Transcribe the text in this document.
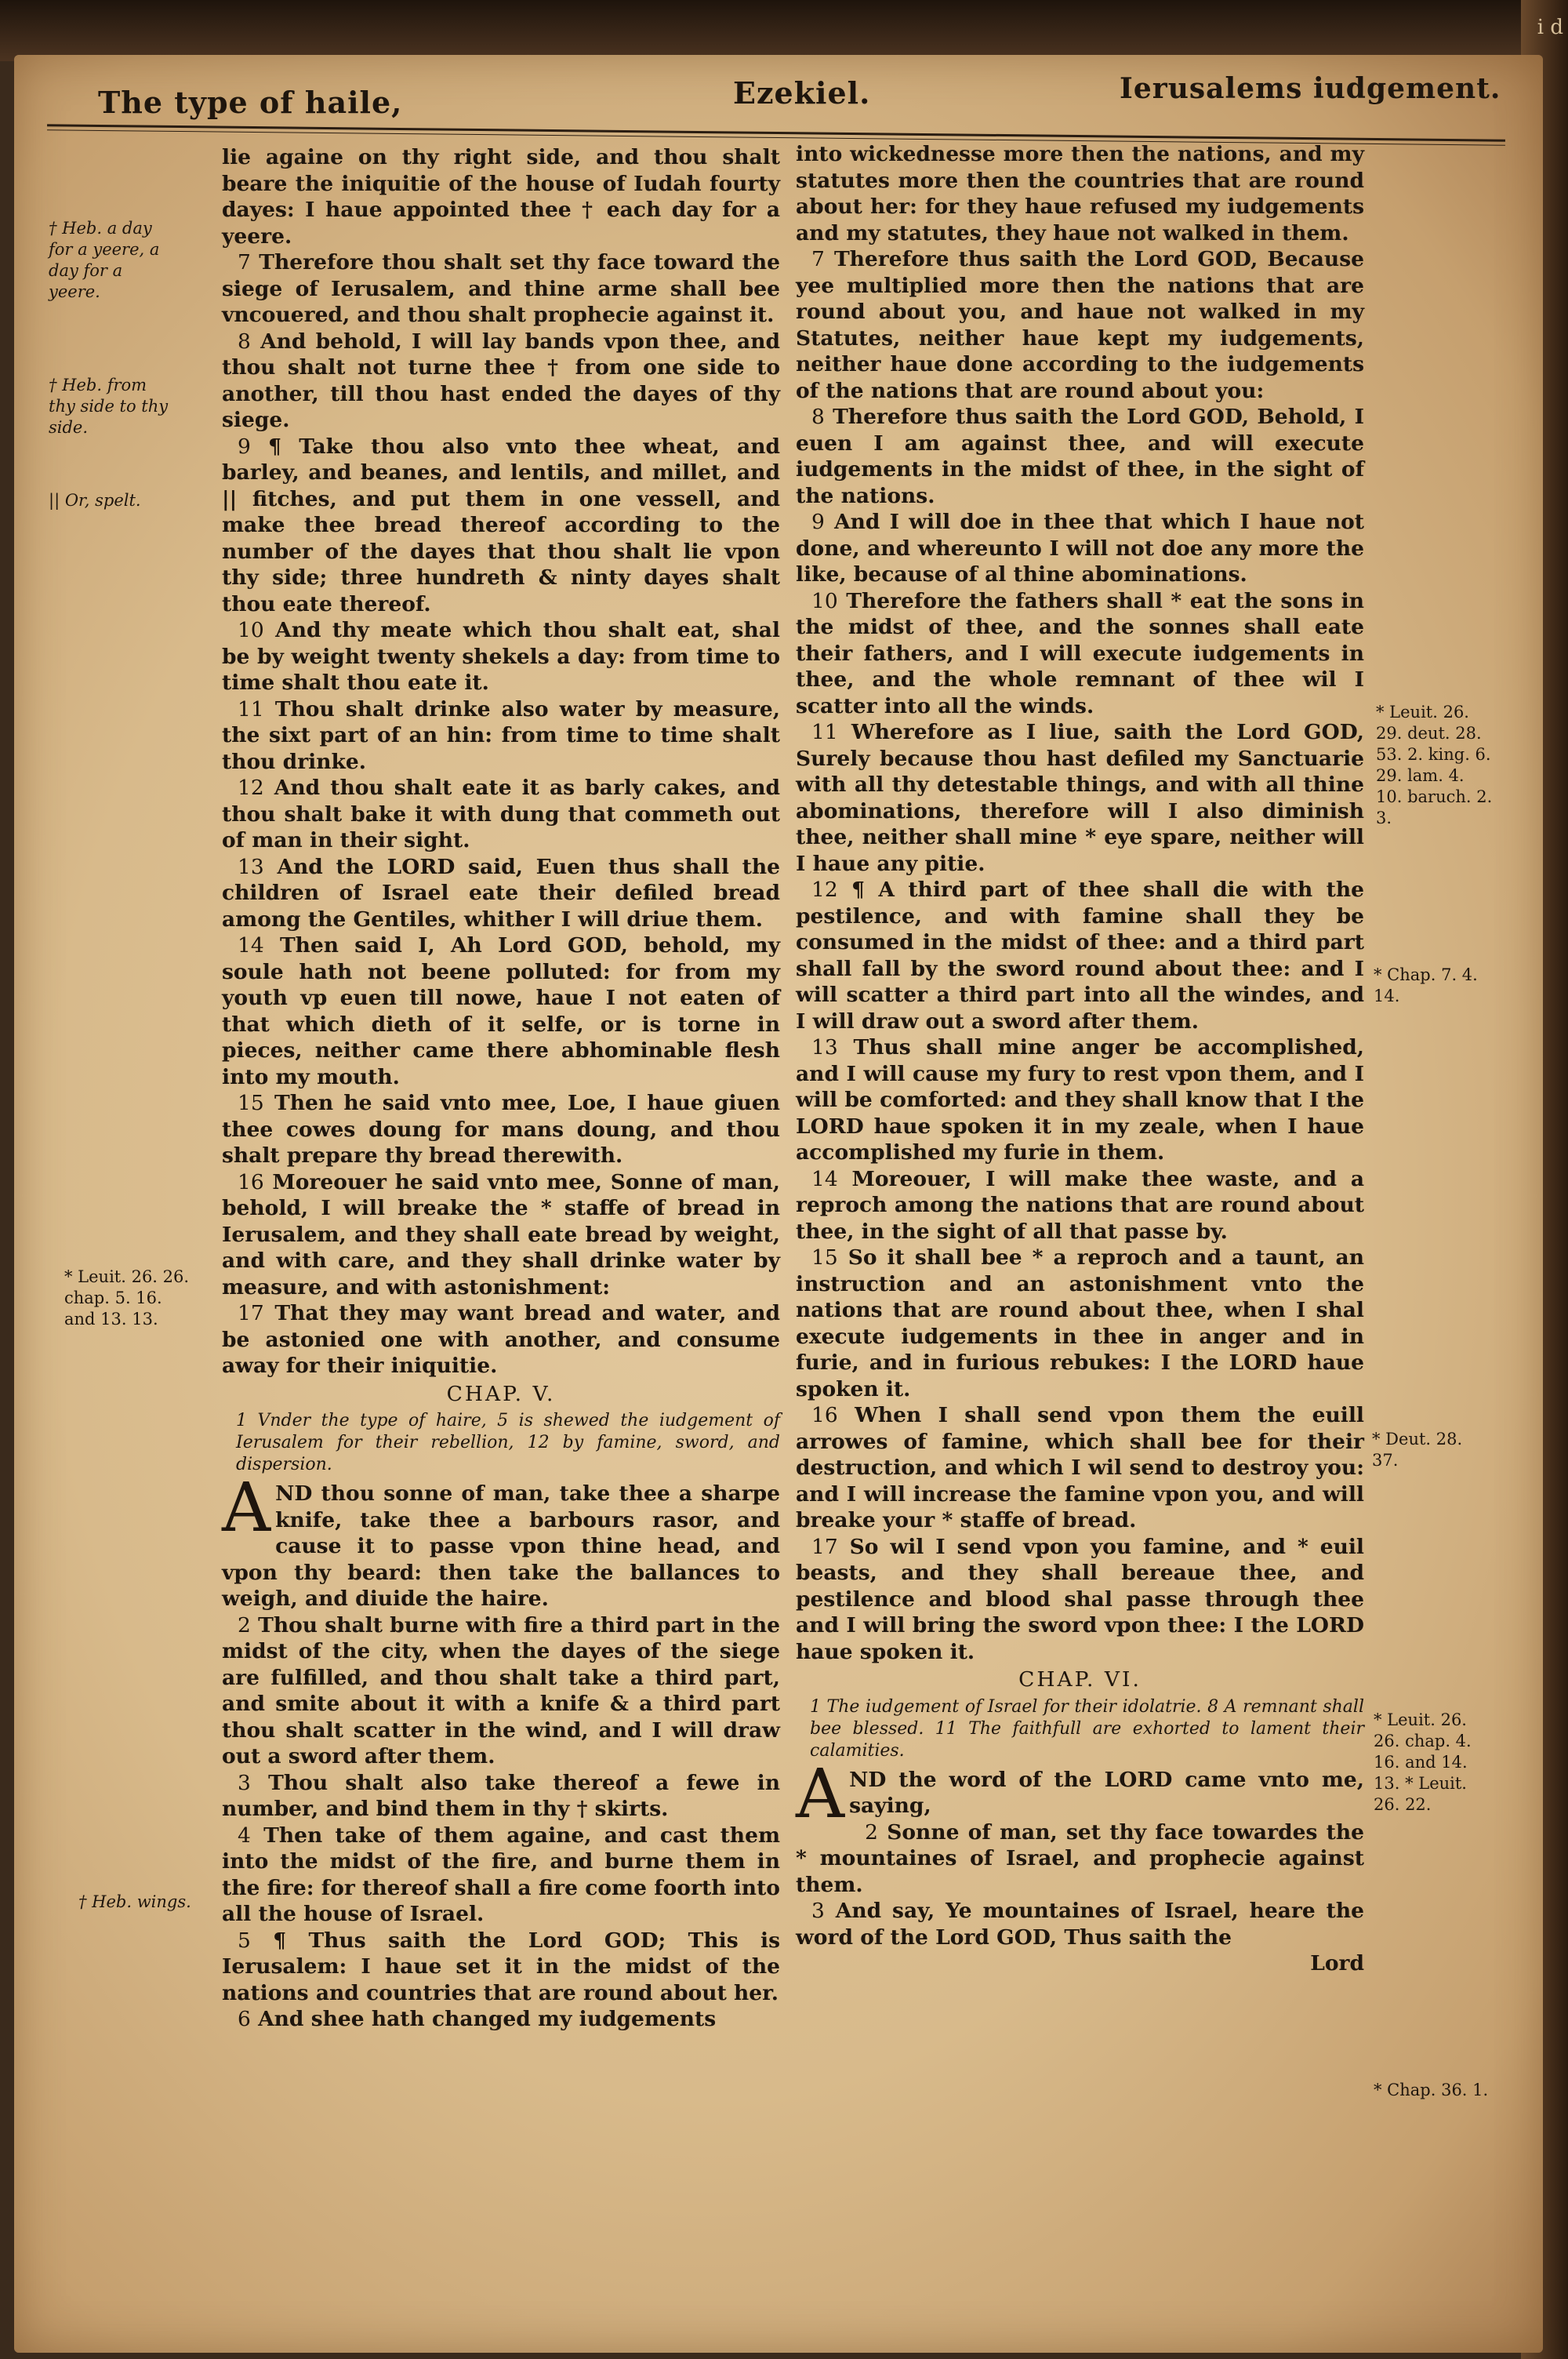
i d
The type of haile,	Ezekiel.	Ierusalems iudgement.

lie againe on thy right side, and thou shalt beare the iniquitie of the house of Iudah fourty dayes: I haue appointed thee † each day for a yeere.

7 Therefore thou shalt set thy face toward the siege of Ierusalem, and thine arme shall bee vncouered, and thou shalt prophecie against it.

8 And behold, I will lay bands vpon thee, and thou shalt not turne thee † from one side to another, till thou hast ended the dayes of thy siege.

9 ¶ Take thou also vnto thee wheat, and barley, and beanes, and lentils, and millet, and || fitches, and put them in one vessell, and make thee bread thereof according to the number of the dayes that thou shalt lie vpon thy side; three hundreth & ninty dayes shalt thou eate thereof.

10 And thy meate which thou shalt eat, shal be by weight twenty shekels a day: from time to time shalt thou eate it.

11 Thou shalt drinke also water by measure, the sixt part of an hin: from time to time shalt thou drinke.

12 And thou shalt eate it as barly cakes, and thou shalt bake it with dung that commeth out of man in their sight.

13 And the LORD said, Euen thus shall the children of Israel eate their defiled bread among the Gentiles, whither I will driue them.

14 Then said I, Ah Lord GOD, behold, my soule hath not beene polluted: for from my youth vp euen till nowe, haue I not eaten of that which dieth of it selfe, or is torne in pieces, neither came there abhominable flesh into my mouth.

15 Then he said vnto mee, Loe, I haue giuen thee cowes doung for mans doung, and thou shalt prepare thy bread therewith.

16 Moreouer he said vnto mee, Sonne of man, behold, I will breake the * staffe of bread in Ierusalem, and they shall eate bread by weight, and with care, and they shall drinke water by measure, and with astonishment:

17 That they may want bread and water, and be astonied one with another, and consume away for their iniquitie.

CHAP. V.

1 Vnder the type of haire, 5 is shewed the iudgement of Ierusalem for their rebellion, 12 by famine, sword, and dispersion.

AND thou sonne of man, take thee a sharpe knife, take thee a barbours rasor, and cause it to passe vpon thine head, and vpon thy beard: then take the ballances to weigh, and diuide the haire.

2 Thou shalt burne with fire a third part in the midst of the city, when the dayes of the siege are fulfilled, and thou shalt take a third part, and smite about it with a knife & a third part thou shalt scatter in the wind, and I will draw out a sword after them.

3 Thou shalt also take thereof a fewe in number, and bind them in thy † skirts.

4 Then take of them againe, and cast them into the midst of the fire, and burne them in the fire: for thereof shall a fire come foorth into all the house of Israel.

5 ¶ Thus saith the Lord GOD; This is Ierusalem: I haue set it in the midst of the nations and countries that are round about her.

6 And shee hath changed my iudgements

into wickednesse more then the nations, and my statutes more then the countries that are round about her: for they haue refused my iudgements and my statutes, they haue not walked in them.

7 Therefore thus saith the Lord GOD, Because yee multiplied more then the nations that are round about you, and haue not walked in my Statutes, neither haue kept my iudgements, neither haue done according to the iudgements of the nations that are round about you:

8 Therefore thus saith the Lord GOD, Behold, I euen I am against thee, and will execute iudgements in the midst of thee, in the sight of the nations.

9 And I will doe in thee that which I haue not done, and whereunto I will not doe any more the like, because of al thine abominations.

10 Therefore the fathers shall * eat the sons in the midst of thee, and the sonnes shall eate their fathers, and I will execute iudgements in thee, and the whole remnant of thee wil I scatter into all the winds.

11 Wherefore as I liue, saith the Lord GOD, Surely because thou hast defiled my Sanctuarie with all thy detestable things, and with all thine abominations, therefore will I also diminish thee, neither shall mine * eye spare, neither will I haue any pitie.

12 ¶ A third part of thee shall die with the pestilence, and with famine shall they be consumed in the midst of thee: and a third part shall fall by the sword round about thee: and I will scatter a third part into all the windes, and I will draw out a sword after them.

13 Thus shall mine anger be accomplished, and I will cause my fury to rest vpon them, and I will be comforted: and they shall know that I the LORD haue spoken it in my zeale, when I haue accomplished my furie in them.

14 Moreouer, I will make thee waste, and a reproch among the nations that are round about thee, in the sight of all that passe by.

15 So it shall bee * a reproch and a taunt, an instruction and an astonishment vnto the nations that are round about thee, when I shal execute iudgements in thee in anger and in furie, and in furious rebukes: I the LORD haue spoken it.

16 When I shall send vpon them the euill arrowes of famine, which shall bee for their destruction, and which I wil send to destroy you: and I will increase the famine vpon you, and will breake your * staffe of bread.

17 So wil I send vpon you famine, and * euil beasts, and they shall bereaue thee, and pestilence and blood shal passe through thee and I will bring the sword vpon thee: I the LORD haue spoken it.

CHAP. VI.

1 The iudgement of Israel for their idolatrie. 8 A remnant shall bee blessed. 11 The faithfull are exhorted to lament their calamities.

AND the word of the LORD came vnto me, saying,

2 Sonne of man, set thy face towardes the * mountaines of Israel, and prophecie against them.

3 And say, Ye mountaines of Israel, heare the word of the Lord GOD, Thus saith the

Lord

† Heb. a day for a yeere, a day for a yeere.
† Heb. from thy side to thy side.
|| Or, spelt.
* Leuit. 26. 26. chap. 5. 16. and 13. 13.
† Heb. wings.
* Leuit. 26. 29. deut. 28. 53. 2. king. 6. 29. lam. 4. 10. baruch. 2. 3.
* Chap. 7. 4. 14.
* Deut. 28. 37.
* Leuit. 26. 26. chap. 4. 16. and 14. 13. * Leuit. 26. 22.
* Chap. 36. 1.
